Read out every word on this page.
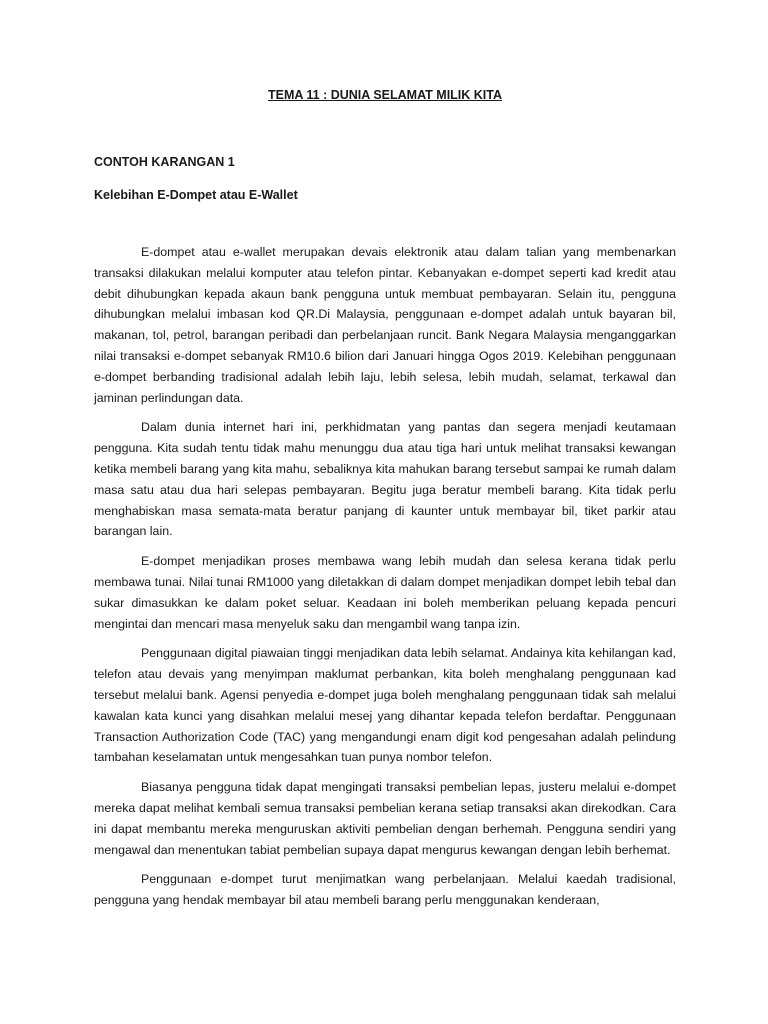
TEMA 11 : DUNIA SELAMAT MILIK KITA
CONTOH KARANGAN 1
Kelebihan E-Dompet atau E-Wallet

E-dompet atau e-wallet merupakan devais elektronik atau dalam talian yang membenarkan transaksi dilakukan melalui komputer atau telefon pintar. Kebanyakan e-dompet seperti kad kredit atau debit dihubungkan kepada akaun bank pengguna untuk membuat pembayaran. Selain itu, pengguna dihubungkan melalui imbasan kod QR.Di Malaysia, penggunaan e-dompet adalah untuk bayaran bil, makanan, tol, petrol, barangan peribadi dan perbelanjaan runcit. Bank Negara Malaysia menganggarkan nilai transaksi e-dompet sebanyak RM10.6 bilion dari Januari hingga Ogos 2019. Kelebihan penggunaan e-dompet berbanding tradisional adalah lebih laju, lebih selesa, lebih mudah, selamat, terkawal dan jaminan perlindungan data.

Dalam dunia internet hari ini, perkhidmatan yang pantas dan segera menjadi keutamaan pengguna. Kita sudah tentu tidak mahu menunggu dua atau tiga hari untuk melihat transaksi kewangan ketika membeli barang yang kita mahu, sebaliknya kita mahukan barang tersebut sampai ke rumah dalam masa satu atau dua hari selepas pembayaran. Begitu juga beratur membeli barang. Kita tidak perlu menghabiskan masa semata-mata beratur panjang di kaunter untuk membayar bil, tiket parkir atau barangan lain.

E-dompet menjadikan proses membawa wang lebih mudah dan selesa kerana tidak perlu membawa tunai. Nilai tunai RM1000 yang diletakkan di dalam dompet menjadikan dompet lebih tebal dan sukar dimasukkan ke dalam poket seluar. Keadaan ini boleh memberikan peluang kepada pencuri mengintai dan mencari masa menyeluk saku dan mengambil wang tanpa izin.

Penggunaan digital piawaian tinggi menjadikan data lebih selamat. Andainya kita kehilangan kad, telefon atau devais yang menyimpan maklumat perbankan, kita boleh menghalang penggunaan kad tersebut melalui bank. Agensi penyedia e-dompet juga boleh menghalang penggunaan tidak sah melalui kawalan kata kunci yang disahkan melalui mesej yang dihantar kepada telefon berdaftar. Penggunaan Transaction Authorization Code (TAC) yang mengandungi enam digit kod pengesahan adalah pelindung tambahan keselamatan untuk mengesahkan tuan punya nombor telefon.

Biasanya pengguna tidak dapat mengingati transaksi pembelian lepas, justeru melalui e-dompet mereka dapat melihat kembali semua transaksi pembelian kerana setiap transaksi akan direkodkan. Cara ini dapat membantu mereka menguruskan aktiviti pembelian dengan berhemah. Pengguna sendiri yang mengawal dan menentukan tabiat pembelian supaya dapat mengurus kewangan dengan lebih berhemat.

Penggunaan e-dompet turut menjimatkan wang perbelanjaan. Melalui kaedah tradisional, pengguna yang hendak membayar bil atau membeli barang perlu menggunakan kenderaan,
